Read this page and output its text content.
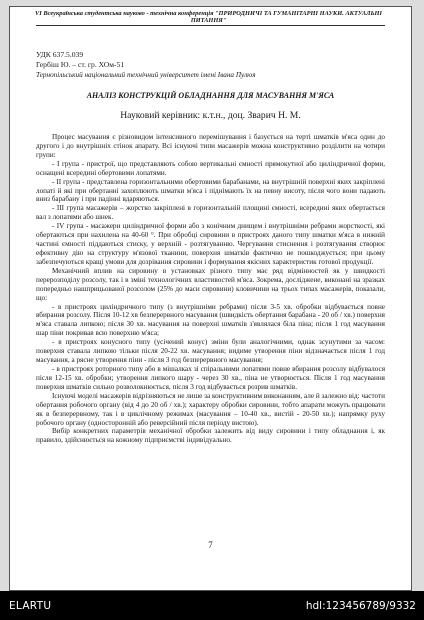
VI Всеукраїнська студентська науково - технічна конференція "ПРИРОДНИЧІ ТА ГУМАНІТАРНІ НАУКИ. АКТУАЛЬНІ ПИТАННЯ"
УДК 637.5.039
Гербіш Ю. – ст. гр. ХОм-51
Тернопільський національний технічний університет імені Івана Пулюя
АНАЛІЗ КОНСТРУКЦІЙ ОБЛАДНАННЯ ДЛЯ МАСУВАННЯ М'ЯСА
Науковий керівник: к.т.н., доц. Зварич Н. М.

Процес масування є різновидом інтенсивного перемішування і базується на терті шматків м'яса один до другого і до внутрішніх стінок апарату. Всі існуючі типи масажерів можна конструктивно розділити на чотири групи:

- I група - пристрої, що представляють собою вертикальні ємності прямокутної або циліндричної форми, оснащені всередині обертовими лопатями.

- II група - представлена горизонтальними обертовими барабанами, на внутрішній поверхні яких закріплені лопаті й які при обертанні захоплюють шматки м'яса і піднімають їх на певну висоту, після чого вони падають вниз барабану і при падінні вдаряються.

- III група масажерів – жорстко закріплені в горизонтальній площині ємності, всередині яких обертається вал з лопатями або шнек.

- IV група - масажери циліндричної форми або з конічним днищем і внутрішніми ребрами жорсткості, які обертаються при нахилена на 40-60 °. При обробці сировини в пристроях даного типу шматки м'яса в нижній частині ємності піддаються стиску, у верхній - розтягуванню. Чергування стиснення і розтягування створює ефективну дію на структуру м'язової тканини, поверхня шматків фактично не пошкоджується; при цьому забезпечуються кращі умови для дозрівання сировини і формування якісних характеристик готової продукції.

Механічний вплив на сировину в установках різного типу має ряд відмінностей як у швидкості перерозподілу розсолу, так і в зміні технологічних властивостей м'яса. Зокрема, досліджене, виконані на зразках попередньо нашприцьованої розсолом (25% до маси сировини) кловичини на трьох типах масажерів, показали, що:

- в пристроях циліндричного типу (з внутрішніми ребрами) після 3-5 хв. обробки відбувається повне вбирання розсолу. Після 10-12 хв безперервного масування (швидкість обертання барабана - 20 об / хв.) поверхня м'яса ставала липкою; після 30 хв. масування на поверхні шматків з'являлася біла піна; після 1 год масування шар піни покривав всю поверхню м'яса;

- в пристроях конусного типу (усічений конус) зміни були аналогічними, однак зсунутими за часом: поверхня ставала липкою тільки після 20-22 хв. масування; видиме утворення піни відзначається після 1 год масування, а рясне утворення піни - після 3 год безперервного масування;

- в пристроях роторного типу або в мішалках зі спіральними лопатями повне вбирання розсолу відбувалося після 12-15 хв. обробки; утворення липкого шару - через 30 хв., піна не утворюється. Після 1 год масування поверхня шматків сильно розволокнюється, після 3 год відбувається розрив шматків.

Існуючі моделі масажерів відрізняються не лише за конструктивним виконанням, але й залежно від: частоти обертання робочого органу (від 4 до 20 об / хв.); характеру обробки сировини, тобто апарати можуть працювати як в безперервному, так і в циклічному режимах (масування – 10-40 хв., вистій - 20-50 хв.); напрямку руху робочого органу (односторонній або реверсійний після періоду вистою).

Вибір конкретних параметрів механічної обробки залежить від виду сировини і типу обладнання і, як правило, здійснюється на кожному підприємстві індивідуально.

7
ELARTU	hdl:123456789/9332
